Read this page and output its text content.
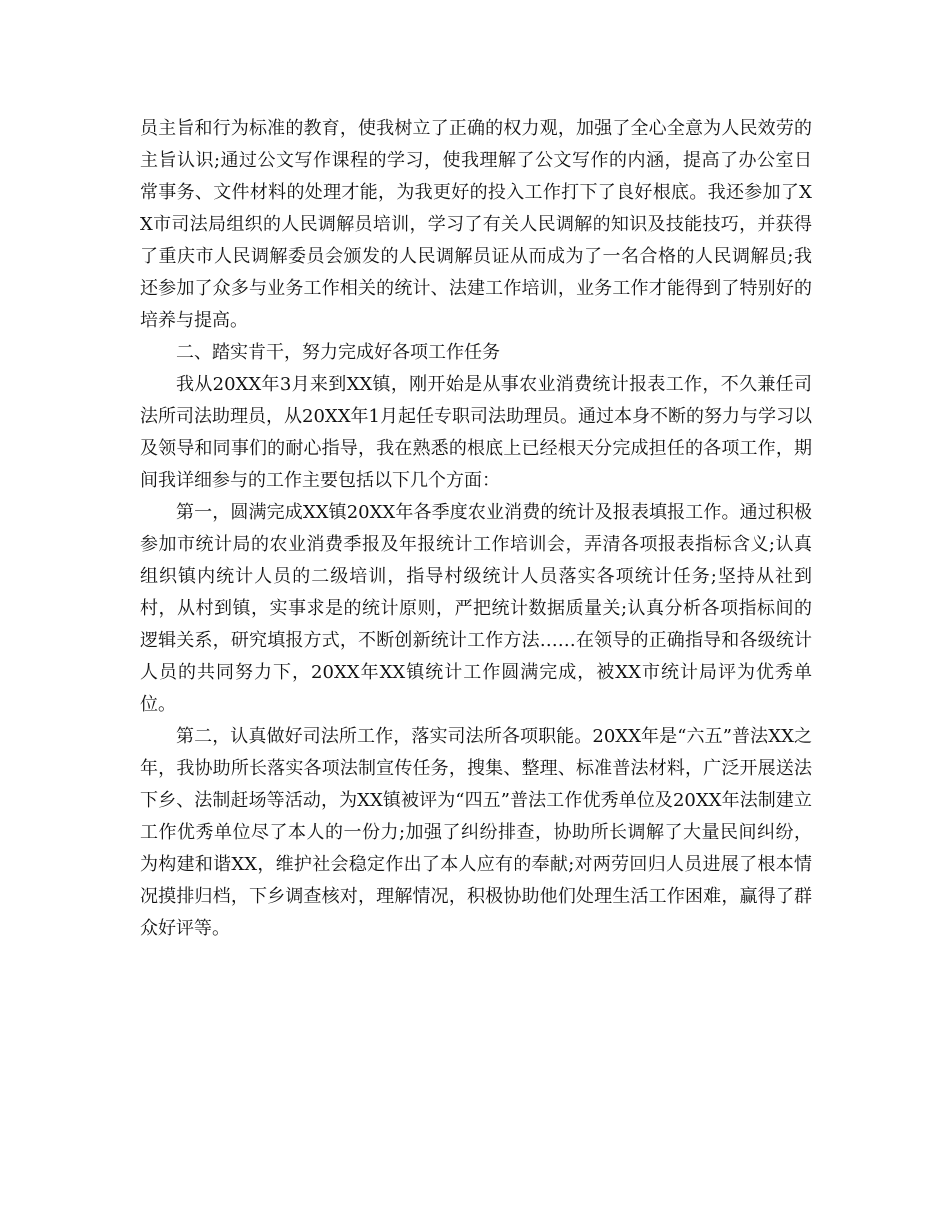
员主旨和行为标准的教育，使我树立了正确的权力观，加强了全心全意为人民效劳的主旨认识;通过公文写作课程的学习，使我理解了公文写作的内涵，提高了办公室日常事务、文件材料的处理才能，为我更好的投入工作打下了良好根底。我还参加了XX市司法局组织的人民调解员培训，学习了有关人民调解的知识及技能技巧，并获得了重庆市人民调解委员会颁发的人民调解员证从而成为了一名合格的人民调解员;我还参加了众多与业务工作相关的统计、法建工作培训，业务工作才能得到了特别好的培养与提高。

二、踏实肯干，努力完成好各项工作任务

我从20XX年3月来到XX镇，刚开始是从事农业消费统计报表工作，不久兼任司法所司法助理员，从20XX年1月起任专职司法助理员。通过本身不断的努力与学习以及领导和同事们的耐心指导，我在熟悉的根底上已经根天分完成担任的各项工作，期间我详细参与的工作主要包括以下几个方面：

第一，圆满完成XX镇20XX年各季度农业消费的统计及报表填报工作。通过积极参加市统计局的农业消费季报及年报统计工作培训会，弄清各项报表指标含义;认真组织镇内统计人员的二级培训，指导村级统计人员落实各项统计任务;坚持从社到村，从村到镇，实事求是的统计原则，严把统计数据质量关;认真分析各项指标间的逻辑关系，研究填报方式，不断创新统计工作方法……在领导的正确指导和各级统计人员的共同努力下，20XX年XX镇统计工作圆满完成，被XX市统计局评为优秀单位。

第二，认真做好司法所工作，落实司法所各项职能。20XX年是“六五”普法XX之年，我协助所长落实各项法制宣传任务，搜集、整理、标准普法材料，广泛开展送法下乡、法制赶场等活动，为XX镇被评为“四五”普法工作优秀单位及20XX年法制建立工作优秀单位尽了本人的一份力;加强了纠纷排查，协助所长调解了大量民间纠纷，为构建和谐XX，维护社会稳定作出了本人应有的奉献;对两劳回归人员进展了根本情况摸排归档，下乡调查核对，理解情况，积极协助他们处理生活工作困难，赢得了群众好评等。
